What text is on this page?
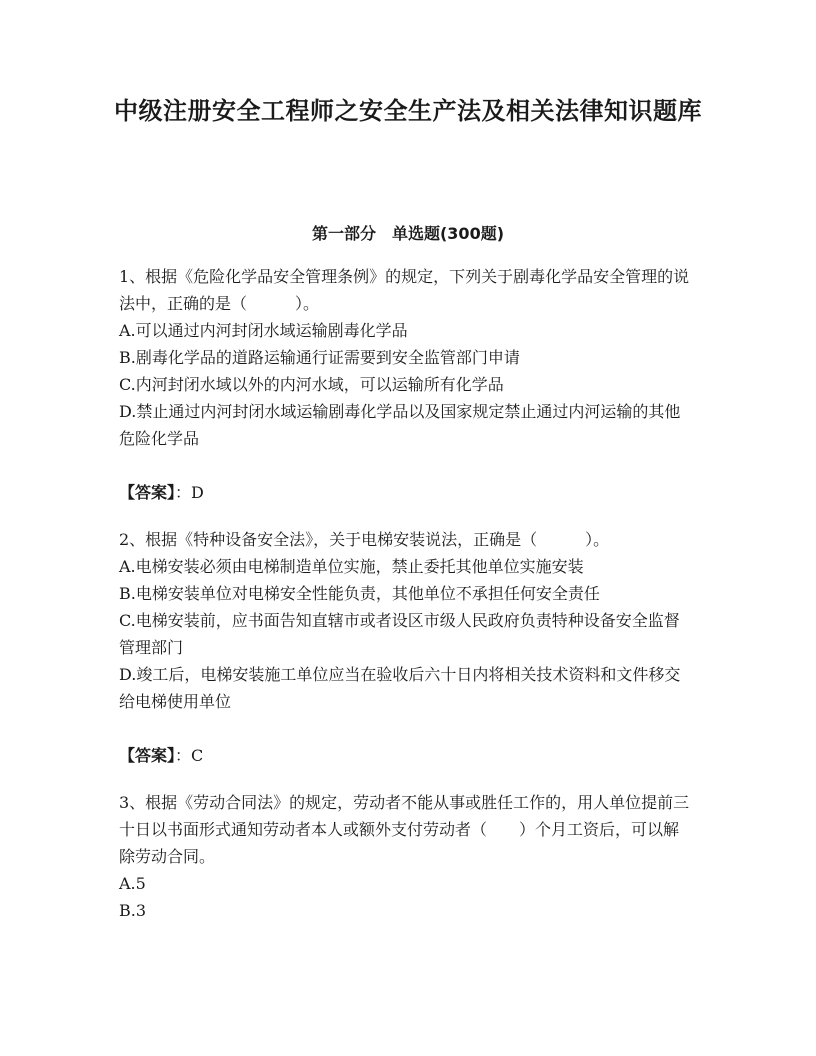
中级注册安全工程师之安全生产法及相关法律知识题库
第一部分　单选题(300题)

1、根据《危险化学品安全管理条例》的规定，下列关于剧毒化学品安全管理的说法中，正确的是（　　　）。

A.可以通过内河封闭水域运输剧毒化学品

B.剧毒化学品的道路运输通行证需要到安全监管部门申请

C.内河封闭水域以外的内河水域，可以运输所有化学品

D.禁止通过内河封闭水域运输剧毒化学品以及国家规定禁止通过内河运输的其他危险化学品

【答案】：D

2、根据《特种设备安全法》，关于电梯安装说法，正确是（　　　）。

A.电梯安装必须由电梯制造单位实施，禁止委托其他单位实施安装

B.电梯安装单位对电梯安全性能负责，其他单位不承担任何安全责任

C.电梯安装前，应书面告知直辖市或者设区市级人民政府负责特种设备安全监督管理部门

D.竣工后，电梯安装施工单位应当在验收后六十日内将相关技术资料和文件移交给电梯使用单位

【答案】：C

3、根据《劳动合同法》的规定，劳动者不能从事或胜任工作的，用人单位提前三十日以书面形式通知劳动者本人或额外支付劳动者（　　）个月工资后，可以解除劳动合同。

A.5

B.3
